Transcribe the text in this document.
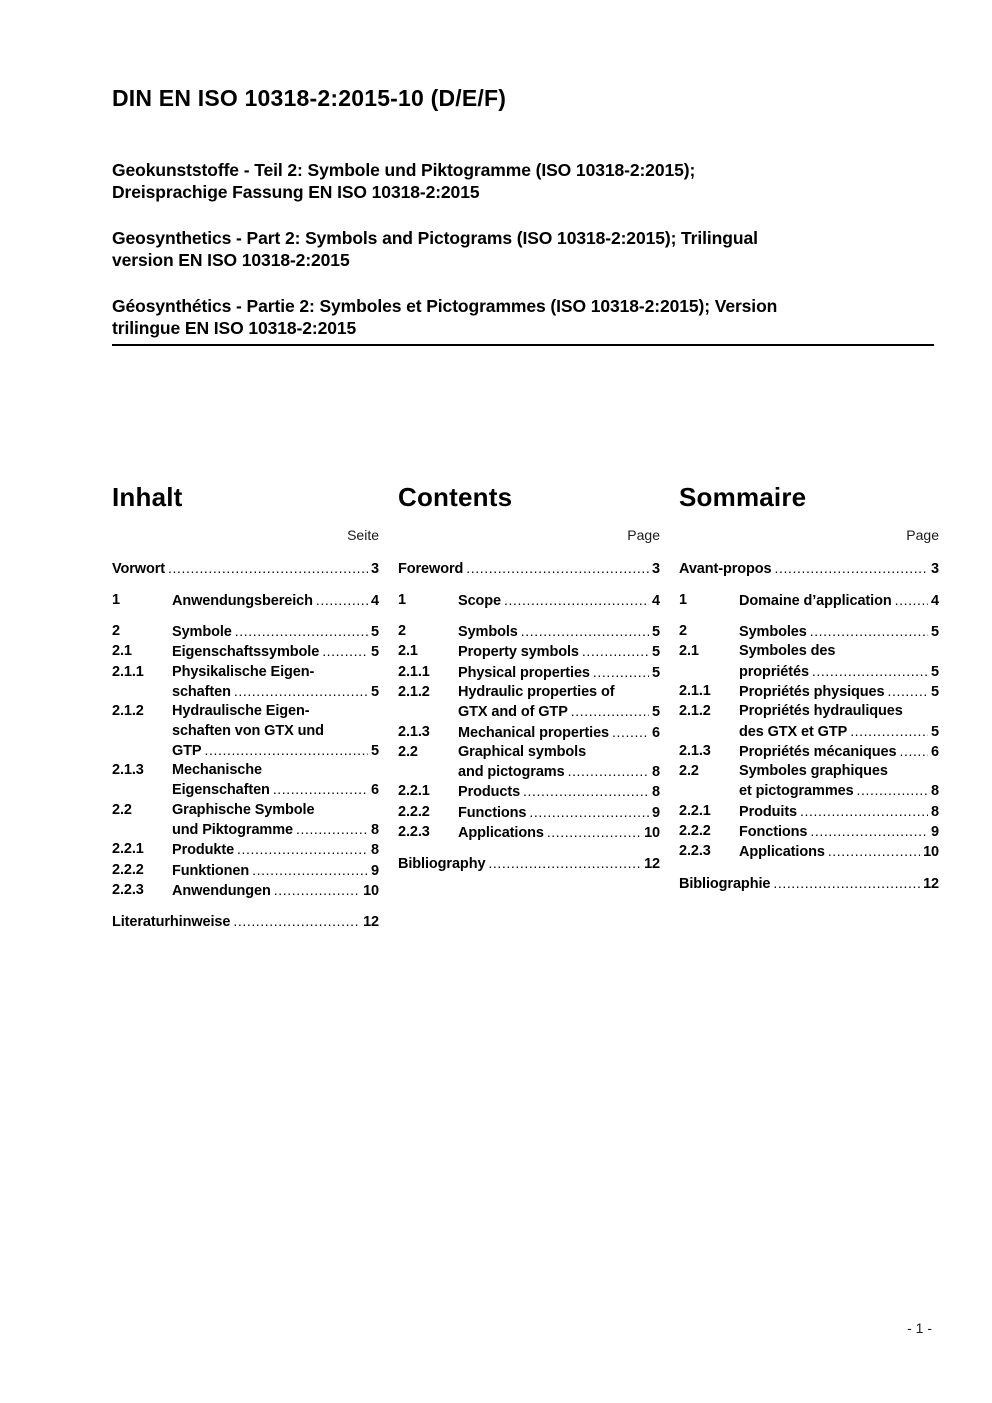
DIN EN ISO 10318-2:2015-10 (D/E/F)

Geokunststoffe - Teil 2: Symbole und Piktogramme (ISO 10318-2:2015);
Dreisprachige Fassung EN ISO 10318-2:2015

Geosynthetics - Part 2: Symbols and Pictograms (ISO 10318-2:2015); Trilingual
version EN ISO 10318-2:2015

Géosynthétics - Partie 2: Symboles et Pictogrammes (ISO 10318-2:2015); Version
trilingue EN ISO 10318-2:2015

Inhalt
Seite
Vorwort .....	3
1	Anwendungsbereich .....	4
2	Symbole .....	5
2.1	Eigenschaftssymbole .....	5
2.1.1	Physikalische Eigen-
schaften .....	5
2.1.2	Hydraulische Eigen-
schaften von GTX und
GTP .....	5
2.1.3	Mechanische
Eigenschaften .....	6
2.2	Graphische Symbole
und Piktogramme .....	8
2.2.1	Produkte .....	8
2.2.2	Funktionen .....	9
2.2.3	Anwendungen .....	10
Literaturhinweise .....	12
Contents
Page
Foreword .....	3
1	Scope .....	4
2	Symbols .....	5
2.1	Property symbols .....	5
2.1.1	Physical properties .....	5
2.1.2	Hydraulic properties of
GTX and of GTP .....	5
2.1.3	Mechanical properties .....	6
2.2	Graphical symbols
and pictograms .....	8
2.2.1	Products .....	8
2.2.2	Functions .....	9
2.2.3	Applications .....	10
Bibliography .....	12
Sommaire
Page
Avant-propos .....	3
1	Domaine d’application .....	4
2	Symboles .....	5
2.1	Symboles des
propriétés .....	5
2.1.1	Propriétés physiques .....	5
2.1.2	Propriétés hydrauliques
des GTX et GTP .....	5
2.1.3	Propriétés mécaniques ..... 6
2.2	Symboles graphiques
et pictogrammes .....	8
2.2.1	Produits .....	8
2.2.2	Fonctions .....	9
2.2.3	Applications .....	10
Bibliographie .....	12
- 1 -
